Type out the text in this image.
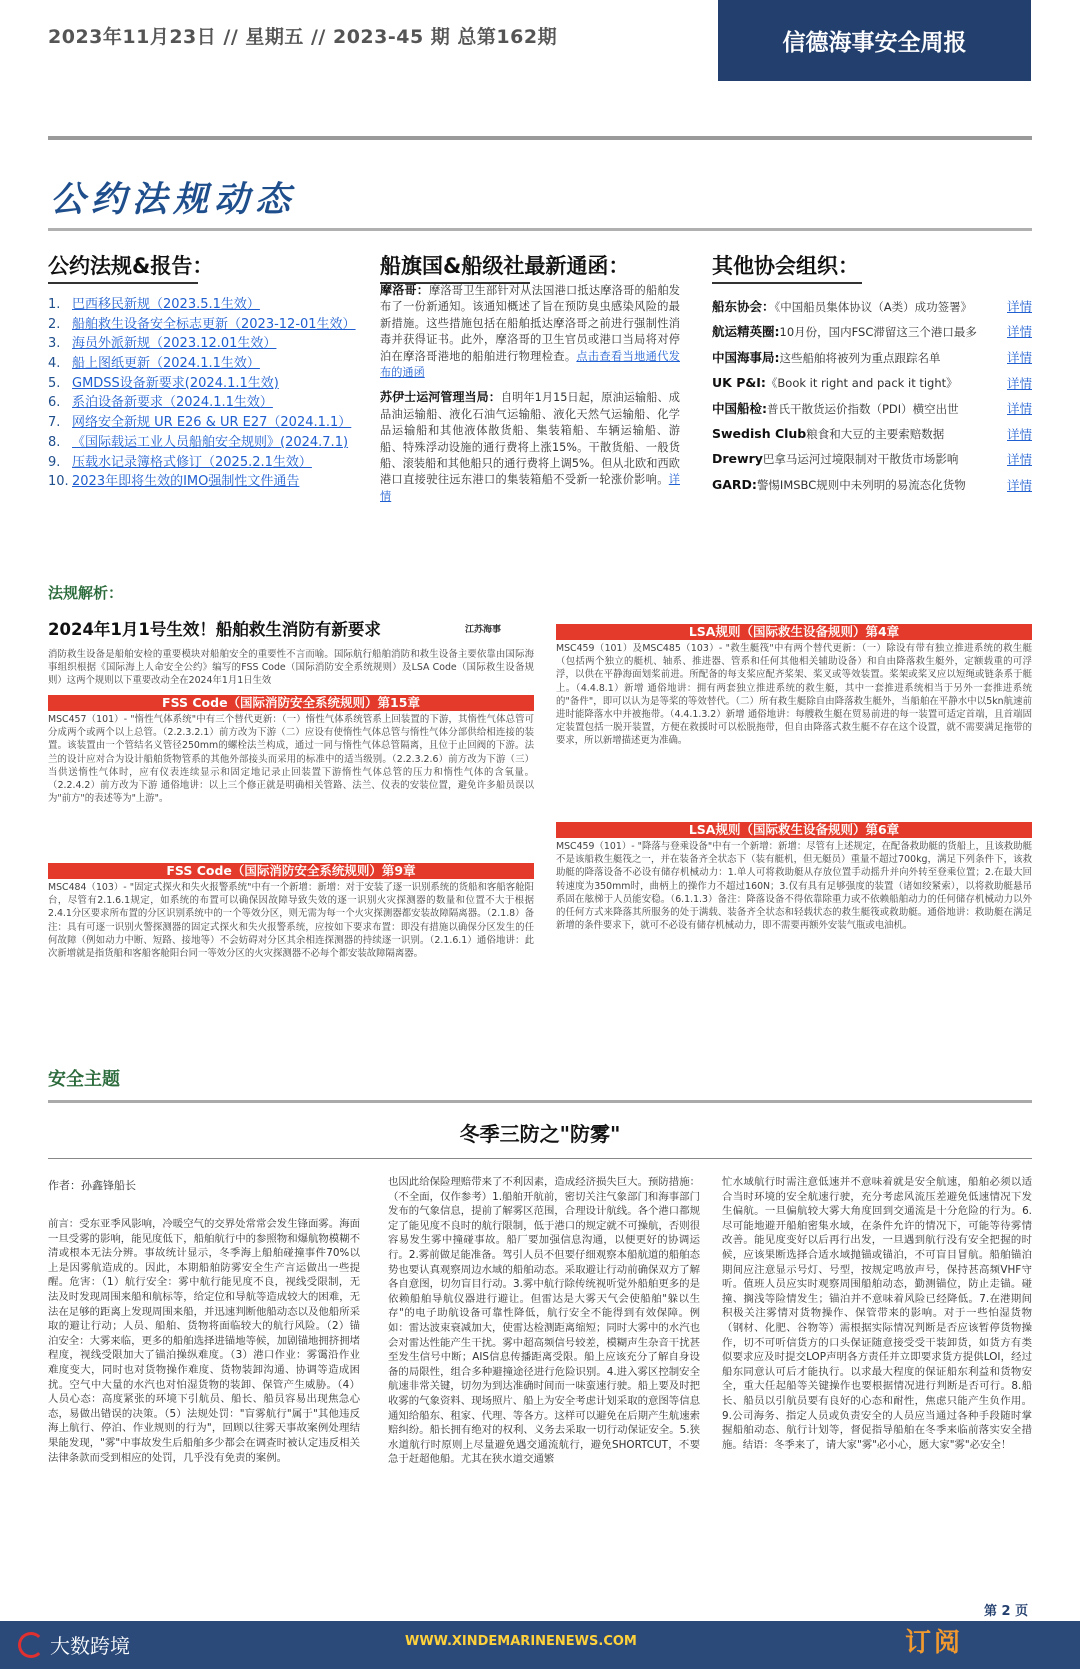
2023年11月23日 // 星期五 // 2023-45 期 总第162期	信德海事安全周报
公约法规动态
公约法规&报告：	船旗国&船级社最新通函：	其他协会组织：
1. 巴西移民新规（2023.5.1生效）
2. 船舶救生设备安全标志更新（2023-12-01生效）
3. 海员外派新规（2023.12.01生效）
4. 船上图纸更新（2024.1.1生效）
5. GMDSS设备新要求(2024.1.1生效)
6. 系泊设备新要求（2024.1.1生效）
7. 网络安全新规 UR E26 & UR E27（2024.1.1）
8. 《国际载运工业人员船舶安全规则》(2024.7.1)
9. 压载水记录簿格式修订（2025.2.1生效）
10. 2023年即将生效的IMO强制性文件通告

摩洛哥：摩洛哥卫生部针对从法国港口抵达摩洛哥的船舶发布了一份新通知。该通知概述了旨在预防臭虫感染风险的最新措施。这些措施包括在船舶抵达摩洛哥之前进行强制性消毒并获得证书。此外，摩洛哥的卫生官员或港口当局将对停泊在摩洛哥港地的船舶进行物理检查。点击查看当地通代发布的通函

苏伊士运河管理当局：自明年1月15日起，原油运输船、成品油运输船、液化石油气运输船、液化天然气运输船、化学品运输船和其他液体散货船、集装箱船、车辆运输船、游船、特殊浮动设施的通行费将上涨15%。干散货船、一般货船、滚装船和其他船只的通行费将上调5%。但从北欧和西欧港口直接驶往远东港口的集装箱船不受新一轮涨价影响。详情

船东协会：《中国船员集体协议（A类）成功签署》	详情
航运精英圈:10月份，国内FSC滞留这三个港口最多 详情
中国海事局:这些船舶将被列为重点跟踪名单	详情
UK P&I:《Book it right and pack it tight》	详情
中国船检:普氏干散货运价指数（PDI）横空出世	详情
Swedish Club粮食和大豆的主要索赔数据	详情
Drewry巴拿马运河过境限制对干散货市场影响	详情
GARD:警惕IMSBC规则中未列明的易流态化货物	详情
法规解析：
2024年1月1号生效！船舶救生消防有新要求	江苏海事
消防救生设备是船舶安检的重要模块对船舶安全的重要性不言而喻。国际航行船舶消防和救生设备主要依靠由国际海事组织根据《国际海上人命安全公约》编写的FSS Code（国际消防安全系统规则）及LSA Code（国际救生设备规则）这两个规则以下重要改动全在2024年1月1日生效
FSS Code（国际消防安全系统规则）第15章
MSC457（101）- "惰性气体系统"中有三个替代更新：（一）惰性气体系统管系上回装置的下游，其惰性气体总管可分成两个或两个以上总管。（2.2.3.2.1）前方改为下游（二）应设有使惰性气体总管与惰性气体分部供给相连接的装置。该装置由一个管结名义管径250mm的螺栓法兰构成，通过一同与惰性气体总管隔离，且位于止回阀的下游。法兰的设计应对合为设计船舶货物管系的其他外部接头而采用的标准中的适当级别。（2.2.3.2.6）前方改为下游（三）当供送惰性气体时，应有仪表连续显示和固定地记录止回装置下游惰性气体总管的压力和惰性气体的含氧量。（2.2.4.2）前方改为下游 通俗地讲：以上三个修正就是明确相关管路、法兰、仪表的安装位置，避免许多船员误以为"前方"的表述等为"上游"。
FSS Code（国际消防安全系统规则）第9章
MSC484（103）- "固定式探火和失火报警系统"中有一个新增：新增：对于安装了逐一识别系统的货船和客船客舱阳台，尽管有2.1.6.1规定，如系统的布置可以确保因故障导致失效的逐一识别火灾探测器的数量和位置不大于根据2.4.1分区要求所布置的分区识别系统中的一个等效分区，则无需为每一个火灾探测器都安装故障隔离器。（2.1.8）备注：具有可逐一识别火警探测器的固定式探火和失火报警系统，应按如下要求布置：即没有措施以确保分区发生的任何故障（例如动力中断、短路、接地等）不会妨碍对分区其余相连探测器的持续逐一识别。（2.1.6.1）通俗地讲：此次新增就是指货船和客船客舱阳台同一等效分区的火灾探测器不必每个都安装故障隔离器。
LSA规则（国际救生设备规则）第4章
MSC459（101）及MSC485（103）- "救生艇筏"中有两个替代更新：（一）除设有带有独立推进系统的救生艇（包括两个独立的艇机、轴系、推进器、管系和任何其他相关辅助设备）和自由降落救生艇外，定额载重的可浮浮，以供在平静海面划桨前进。所配备的每支桨应配齐桨架、桨叉或等效装置。桨架或桨叉应以短绳或链条系于艇上。（4.4.8.1）新增 通俗地讲：拥有两套独立推进系统的救生艇，其中一套推进系统相当于另外一套推进系统的"备件"，即可以认为是等桨的等效替代。（二）所有救生艇除自由降落救生艇外，当船舶在平静水中以5kn航速前进时能降落水中并被拖带。（4.4.1.3.2）新增 通俗地讲：每艘救生艇在贸易前进的每一装置可适定首端，且首端固定装置包括一脱开装置，方便在救援时可以松脱拖带，但自由降落式救生艇不存在这个设置，就不需要满足拖带的要求，所以新增描述更为准确。
LSA规则（国际救生设备规则）第6章
MSC459（101）- "降落与登乘设备"中有一个新增：新增：尽管有上述规定，在配备救助艇的货船上，且该救助艇不是该船救生艇筏之一，并在装备齐全状态下（装有艇机，但无艇员）重量不超过700kg，满足下列条件下，该救助艇的降落设备不必设有储存机械动力：1.单人可将救助艇从存放位置手动摇升并向外转至登乘位置；2.在最大回转速度为350mm时，曲柄上的操作力不超过160N；3.仅有具有足够强度的装置（诸如绞紧索），以将救助艇悬吊系固在舷梯于人员能安稳。（6.1.1.3）备注：降落设备不得依靠除重力或不依赖船舶动力的任何储存机械动力以外的任何方式来降落其所服务的处于满载、装备齐全状态和轻载状态的救生艇筏或救助艇。通俗地讲：救助艇在满足新增的条件要求下，就可不必设有储存机械动力，即不需要再额外安装气瓶或电油机。
安全主题
冬季三防之"防雾"
作者：孙鑫锋船长
前言：受东亚季风影响，冷暖空气的交界处常常会发生锋面雾。海面一旦受雾的影响，能见度低下，船舶航行中的参照物和爆航物模糊不清或根本无法分辨。事故统计显示，冬季海上船舶碰撞事件70%以上是因雾航造成的。因此，本期船舶防雾安全生产言运做出一些提醒。危害：（1）航行安全：雾中航行能见度不良，视线受限制，无法及时发现周围来船和航标等，给定位和导航等造成较大的困难，无法在足够的距离上发现周围来船，并迅速判断他船动态以及他船所采取的避让行动；人员、船舶、货物将面临较大的航行风险。（2）锚泊安全：大雾来临，更多的船舶选择进锚地等候，加剧锚地拥挤拥堵程度，视线受限加大了锚泊操纵难度。（3）港口作业：雾霭沿作业难度变大，同时也对货物操作难度、货物装卸沟通、协调等造成困扰。空气中大量的水汽也对怕湿货物的装卸、保管产生威胁。（4）人员心态：高度紧张的环境下引航员、船长、船员容易出现焦急心态，易做出错误的决策。（5）法规处罚："盲雾航行"属于"其他违反海上航行、停泊、作业规则的行为"，回顾以往雾天事故案例处理结果能发现，"雾"中事故发生后船舶多少都会在调查时被认定违反相关法律条款而受到相应的处罚，几乎没有免责的案例。
也因此给保险理赔带来了不利因素，造成经济损失巨大。预防措施：（不全面，仅作参考）1.船舶开航前，密切关注气象部门和海事部门发布的气象信息，提前了解雾区范围，合理设计航线。各个港口都规定了能见度不良时的航行限制，低于港口的规定就不可操航，否则很容易发生雾中撞碰事故。船厂要加强信息沟通，以便更好的协调运行。2.雾前做足能准备。驾引人员不但要仔细观察本船航道的船舶态势也要认真观察周边水域的船舶动态。采取避让行动前确保双方了解各自意图，切勿盲目行动。3.雾中航行除传统视听觉外船舶更多的是依赖船舶导航仪器进行避让。但雷达是大雾天气会使船舶"躲以生存"的电子助航设备可靠性降低，航行安全不能得到有效保障。例如：雷达波束衰减加大，使雷达检测距离缩短；同时大雾中的水汽也会对雷达性能产生干扰。雾中超高频信号较差，模糊声生杂音干扰甚至发生信号中断；AIS信息传播距离受限。船上应该充分了解自身设备的局限性，组合多种避撞途径进行危险识别。4.进入雾区控制安全航速非常关键，切勿为到达准确时间而一味蛮速行驶。船上要及时把收雾的气象资料、现场照片、船上为安全考虑计划采取的意图等信息通知给船东、租家、代理、等各方。这样可以避免在后期产生航速索赔纠纷。船长拥有绝对的权利、义务去采取一切行动保证安全。5.狭水道航行时原则上尽量避免遇交通流航行，避免SHORTCUT，不要急于赶超他船。尤其在狭水道交通繁
忙水域航行时需注意低速并不意味着就是安全航速，船舶必须以适合当时环境的安全航速行驶，充分考虑风流压差避免低速情况下发生偏航。一旦偏航较大雾大角度回到交通流是十分危险的行为。6.尽可能地避开船舶密集水域，在条件允许的情况下，可能等待雾情改善。能见度变好以后再行出发，一旦遇到航行没有安全把握的时候，应该果断选择合适水域抛锚或锚泊，不可盲目冒航。船舶锚泊期间应注意显示号灯、号型，按规定鸣放声号，保持甚高频VHF守听。值班人员应实时观察周围船舶动态，勤测锚位，防止走锚。碰撞、搁浅等险情发生；锚泊并不意味着风险已经降低。7.在港期间积极关注雾情对货物操作、保管带来的影响。对于一些怕湿货物（钢材、化肥、谷物等）需根据实际情况判断是否应该暂停货物操作，切不可听信货方的口头保证随意接受受干装卸货，如货方有类似要求应及时提交LOP声明各方责任并立即要求货方提供LOI，经过船东同意认可后才能执行。以求最大程度的保证船东利益和货物安全，重大任起船等关键操作也要根据情况进行判断是否可行。8.船长、船员以引航员要有良好的心态和耐性，焦虑只能产生负作用。9.公司海务、指定人员或负责安全的人员应当通过各种手段随时掌握船舶动态、航行计划等，督促指导船舶在冬季来临前落实安全措施。结语：冬季来了，请大家"雾"必小心，愿大家"雾"必安全！
第 2 页
大数跨境	WWW.XINDEMARINENEWS.COM	订阅
